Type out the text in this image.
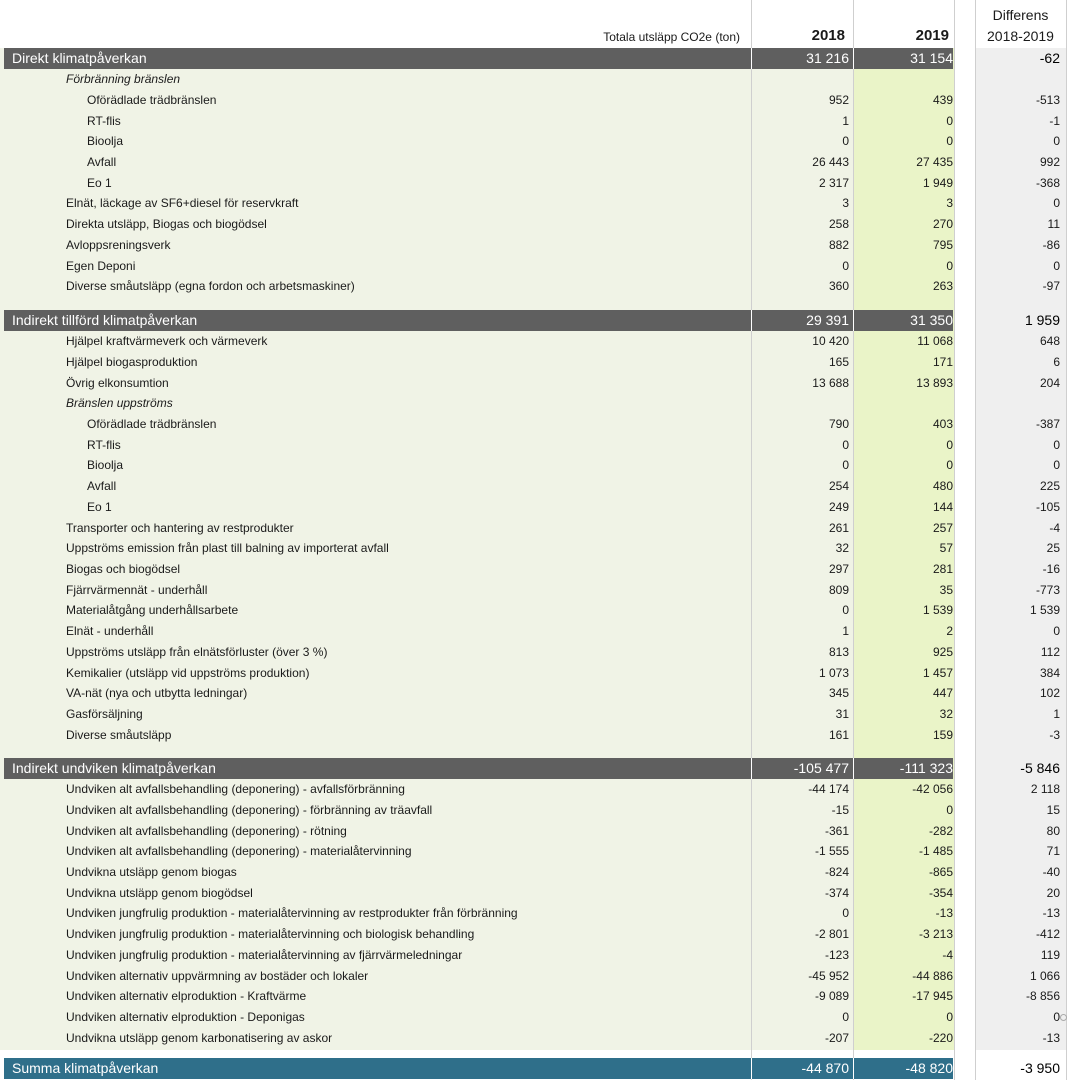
Totala utsläpp CO2e (ton)	2018	2019
Differens
2018-2019
Direkt klimatpåverkan	31 216	31 154	-62
Förbränning bränslen
Oförädlade trädbränslen	952	439	-513
RT-flis	1	0	-1
Bioolja	0	0	0
Avfall	26 443	27 435	992
Eo 1	2 317	1 949	-368
Elnät, läckage av SF6+diesel för reservkraft	3	3	0
Direkta utsläpp, Biogas och biogödsel	258	270	11
Avloppsreningsverk	882	795	-86
Egen Deponi	0	0	0
Diverse småutsläpp (egna fordon och arbetsmaskiner)	360	263	-97
Indirekt tillförd klimatpåverkan	29 391	31 350	1 959
Hjälpel kraftvärmeverk och värmeverk	10 420	11 068	648
Hjälpel biogasproduktion	165	171	6
Övrig elkonsumtion	13 688	13 893	204
Bränslen uppströms
Oförädlade trädbränslen	790	403	-387
RT-flis	0	0	0
Bioolja	0	0	0
Avfall	254	480	225
Eo 1	249	144	-105
Transporter och hantering av restprodukter	261	257	-4
Uppströms emission från plast till balning av importerat avfall	32	57	25
Biogas och biogödsel	297	281	-16
Fjärrvärmennät - underhåll	809	35	-773
Materialåtgång underhållsarbete	0	1 539	1 539
Elnät - underhåll	1	2	0
Uppströms utsläpp från elnätsförluster (över 3 %)	813	925	112
Kemikalier (utsläpp vid uppströms produktion)	1 073	1 457	384
VA-nät (nya och utbytta ledningar)	345	447	102
Gasförsäljning	31	32	1
Diverse småutsläpp	161	159	-3
Indirekt undviken klimatpåverkan	-105 477	-111 323	-5 846
Undviken alt avfallsbehandling (deponering) - avfallsförbränning	-44 174	-42 056	2 118
Undviken alt avfallsbehandling (deponering) - förbränning av träavfall	-15	0	15
Undviken alt avfallsbehandling (deponering) - rötning	-361	-282	80
Undviken alt avfallsbehandling (deponering) - materialåtervinning	-1 555	-1 485	71
Undvikna utsläpp genom biogas	-824	-865	-40
Undvikna utsläpp genom biogödsel	-374	-354	20
Undviken jungfrulig produktion - materialåtervinning av restprodukter från förbränning	0	-13	-13
Undviken jungfrulig produktion - materialåtervinning och biologisk behandling	-2 801	-3 213	-412
Undviken jungfrulig produktion - materialåtervinning av fjärrvärmeledningar	-123	-4	119
Undviken alternativ uppvärmning av bostäder och lokaler	-45 952	-44 886	1 066
Undviken alternativ elproduktion - Kraftvärme	-9 089	-17 945	-8 856
Undviken alternativ elproduktion - Deponigas	0	0	0
Undvikna utsläpp genom karbonatisering av askor	-207	-220	-13
Summa klimatpåverkan	-44 870	-48 820	-3 950
